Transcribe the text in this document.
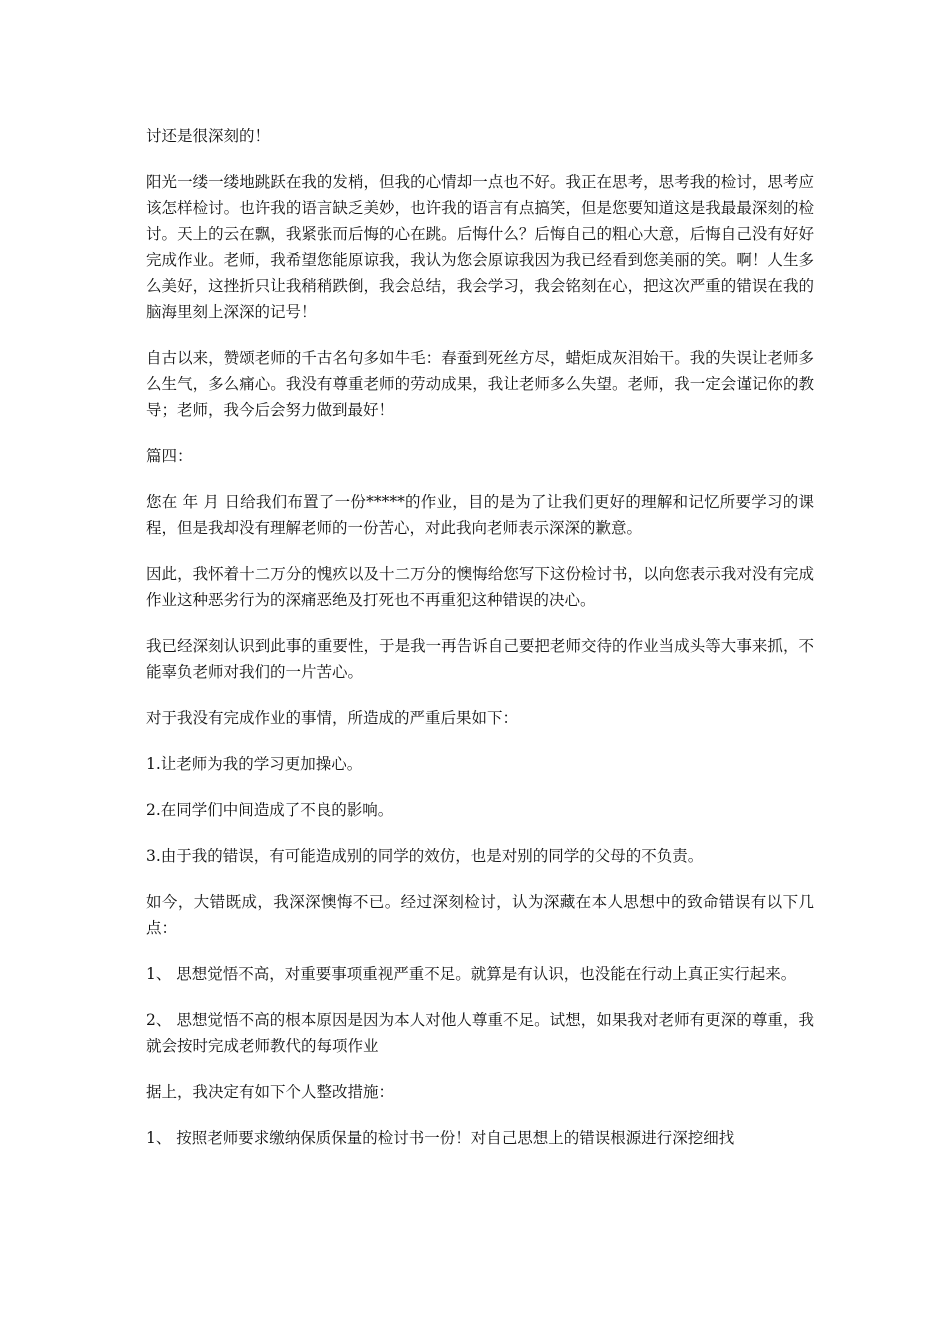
讨还是很深刻的！

阳光一缕一缕地跳跃在我的发梢，但我的心情却一点也不好。我正在思考，思考我的检讨，思考应该怎样检讨。也许我的语言缺乏美妙，也许我的语言有点搞笑，但是您要知道这是我最最深刻的检讨。天上的云在飘，我紧张而后悔的心在跳。后悔什么？后悔自己的粗心大意，后悔自己没有好好完成作业。老师，我希望您能原谅我，我认为您会原谅我因为我已经看到您美丽的笑。啊！人生多么美好，这挫折只让我稍稍跌倒，我会总结，我会学习，我会铭刻在心，把这次严重的错误在我的脑海里刻上深深的记号！

自古以来，赞颂老师的千古名句多如牛毛：春蚕到死丝方尽，蜡炬成灰泪始干。我的失误让老师多么生气，多么痛心。我没有尊重老师的劳动成果，我让老师多么失望。老师，我一定会谨记你的教导；老师，我今后会努力做到最好！

篇四：

您在 年 月 日给我们布置了一份*****的作业，目的是为了让我们更好的理解和记忆所要学习的课程，但是我却没有理解老师的一份苦心，对此我向老师表示深深的歉意。

因此，我怀着十二万分的愧疚以及十二万分的懊悔给您写下这份检讨书，以向您表示我对没有完成作业这种恶劣行为的深痛恶绝及打死也不再重犯这种错误的决心。

我已经深刻认识到此事的重要性，于是我一再告诉自己要把老师交待的作业当成头等大事来抓，不能辜负老师对我们的一片苦心。

对于我没有完成作业的事情，所造成的严重后果如下：

1.让老师为我的学习更加操心。

2.在同学们中间造成了不良的影响。

3.由于我的错误，有可能造成别的同学的效仿，也是对别的同学的父母的不负责。

如今，大错既成，我深深懊悔不已。经过深刻检讨，认为深藏在本人思想中的致命错误有以下几点：

1、 思想觉悟不高，对重要事项重视严重不足。就算是有认识，也没能在行动上真正实行起来。

2、 思想觉悟不高的根本原因是因为本人对他人尊重不足。试想，如果我对老师有更深的尊重，我就会按时完成老师教代的每项作业

据上，我决定有如下个人整改措施：

1、 按照老师要求缴纳保质保量的检讨书一份！对自己思想上的错误根源进行深挖细找
